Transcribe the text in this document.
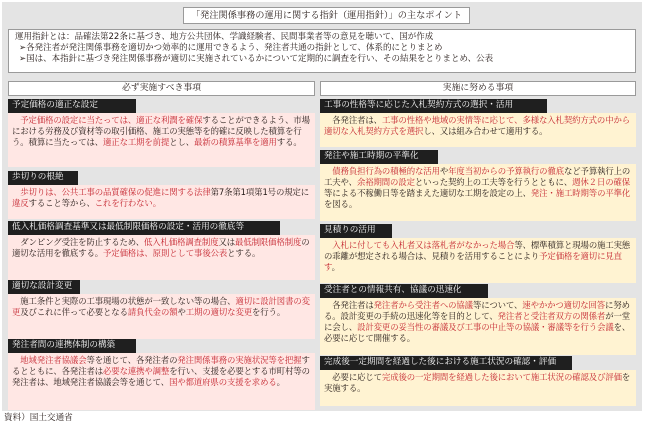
「発注関係事務の運用に関する指針（運用指針）」の主なポイント
運用指針とは：品確法第22条に基づき、地方公共団体、学識経験者、民間事業者等の意見を聴いて、国が作成
➢各発注者が発注関係事務を適切かつ効率的に運用できるよう、発注者共通の指針として、体系的にとりまとめ
➢国は、本指針に基づき発注関係事務が適切に実施されているかについて定期的に調査を行い、その結果をとりまとめ、公表
必ず実施すべき事項	実施に努める事項
予定価格の適正な設定
　予定価格の設定に当たっては、適正な利潤を確保することができるよう、市場における労務及び資材等の取引価格、施工の実態等を的確に反映した積算を行う。積算に当たっては、適正な工期を前提とし、最新の積算基準を適用する。
歩切りの根絶
　歩切りは、公共工事の品質確保の促進に関する法律第7条第1項第1号の規定に違反すること等から、これを行わない。
低入札価格調査基準又は最低制限価格の設定・活用の徹底等
　ダンピング受注を防止するため、低入札価格調査制度又は最低制限価格制度の適切な活用を徹底する。予定価格は、原則として事後公表とする。
適切な設計変更
　施工条件と実際の工事現場の状態が一致しない等の場合、適切に設計図書の変更及びこれに伴って必要となる請負代金の額や工期の適切な変更を行う。
発注者間の連携体制の構築
　地域発注者協議会等を通じて、各発注者の発注関係事務の実施状況等を把握するとともに、各発注者は必要な連携や調整を行い、支援を必要とする市町村等の発注者は、地域発注者協議会等を通じて、国や都道府県の支援を求める。
工事の性格等に応じた入札契約方式の選択・活用
　各発注者は、工事の性格や地域の実情等に応じて、多様な入札契約方式の中から適切な入札契約方式を選択し、又は組み合わせて適用する。
発注や施工時期の平準化
　債務負担行為の積極的な活用や年度当初からの予算執行の徹底など予算執行上の工夫や、余裕期間の設定といった契約上の工夫等を行うとともに、週休２日の確保等による不稼働日等を踏まえた適切な工期を設定の上、発注・施工時期等の平準化を図る。
見積りの活用
　入札に付しても入札者又は落札者がなかった場合等、標準積算と現場の施工実態の乖離が想定される場合は、見積りを活用することにより予定価格を適切に見直す。
受注者との情報共有、協議の迅速化
　各発注者は発注者から受注者への協議等について、速やかかつ適切な回答に努める。設計変更の手続の迅速化等を目的として、発注者と受注者双方の関係者が一堂に会し、設計変更の妥当性の審議及び工事の中止等の協議・審議等を行う会議を、必要に応じて開催する。
完成後一定期間を経過した後における施工状況の確認・評価
　必要に応じて完成後の一定期間を経過した後において施工状況の確認及び評価を実施する。
資料）国土交通省
